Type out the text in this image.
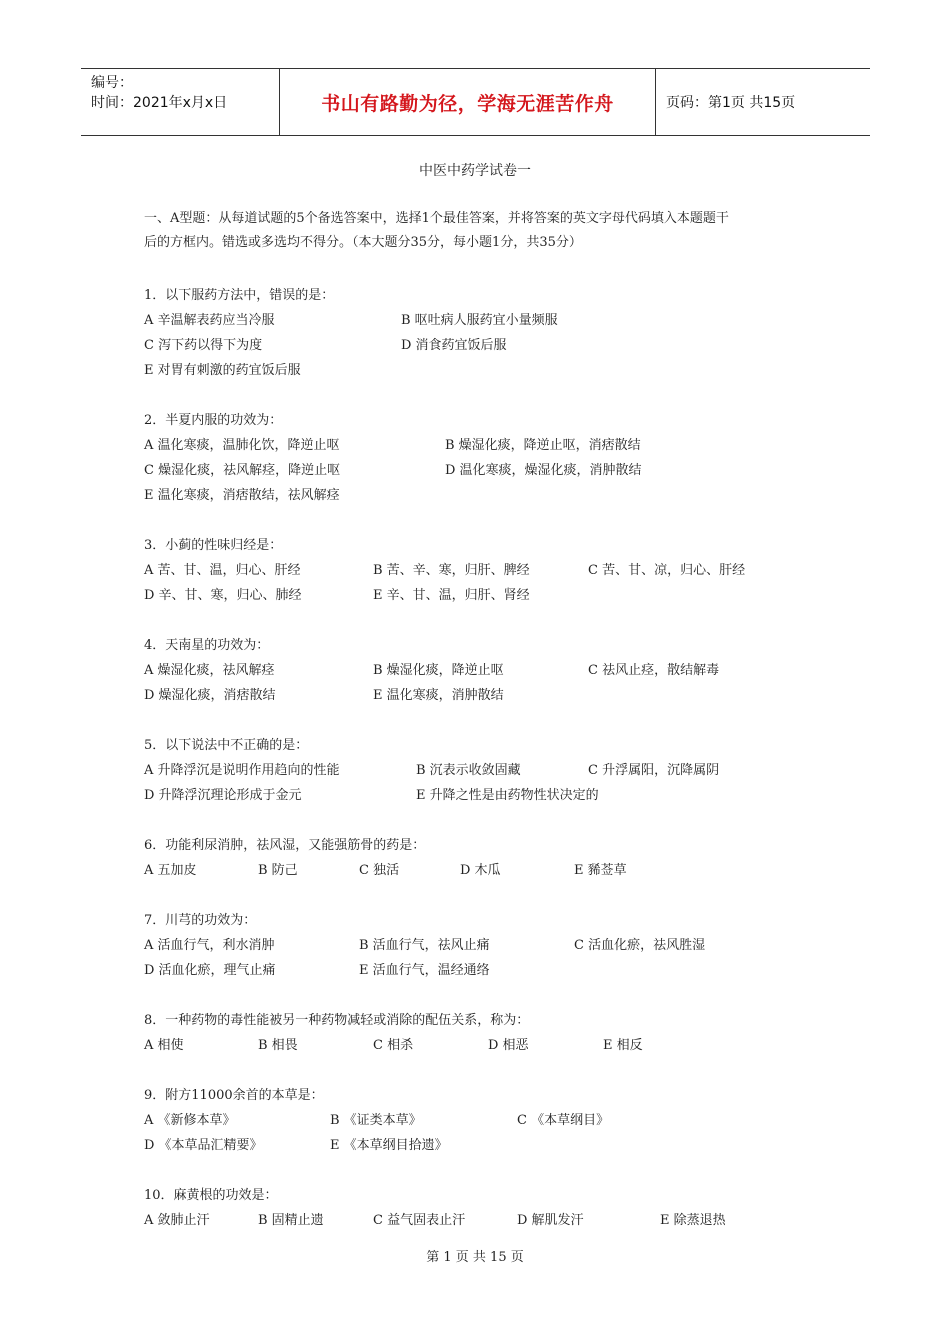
编号：
时间：2021年x月x日	书山有路勤为径，学海无涯苦作舟	页码：第1页 共15页
中医中药学试卷一
一、A型题：从每道试题的5个备选答案中，选择1个最佳答案，并将答案的英文字母代码填入本题题干
后的方框内。错选或多选均不得分。（本大题分35分，每小题1分，共35分）
1．以下服药方法中，错误的是：
A 辛温解表药应当冷服	B 呕吐病人服药宜小量频服
C 泻下药以得下为度	D 消食药宜饭后服
E 对胃有刺激的药宜饭后服
2．半夏内服的功效为：
A 温化寒痰，温肺化饮，降逆止呕	B 燥湿化痰，降逆止呕，消痞散结
C 燥湿化痰，祛风解痉，降逆止呕	D 温化寒痰，燥湿化痰，消肿散结
E 温化寒痰，消痞散结，祛风解痉
3．小蓟的性味归经是：
A 苦、甘、温，归心、肝经	B 苦、辛、寒，归肝、脾经	C 苦、甘、凉，归心、肝经
D 辛、甘、寒，归心、肺经	E 辛、甘、温，归肝、肾经
4．天南星的功效为：
A 燥湿化痰，祛风解痉	B 燥湿化痰，降逆止呕	C 祛风止痉，散结解毒
D 燥湿化痰，消痞散结	E 温化寒痰，消肿散结
5．以下说法中不正确的是：
A 升降浮沉是说明作用趋向的性能	B 沉表示收敛固藏	C 升浮属阳，沉降属阴
D 升降浮沉理论形成于金元	E 升降之性是由药物性状决定的
6．功能利尿消肿，祛风湿，又能强筋骨的药是：
A 五加皮	B 防己	C 独活	D 木瓜	E 豨莶草
7．川芎的功效为：
A 活血行气，利水消肿	B 活血行气，祛风止痛	C 活血化瘀，祛风胜湿
D 活血化瘀，理气止痛	E 活血行气，温经通络
8．一种药物的毒性能被另一种药物减轻或消除的配伍关系，称为：
A 相使	B 相畏	C 相杀	D 相恶	E 相反
9．附方11000余首的本草是：
A 《新修本草》	B 《证类本草》	C 《本草纲目》
D 《本草品汇精要》	E 《本草纲目拾遗》
10．麻黄根的功效是：
A 敛肺止汗	B 固精止遗	C 益气固表止汗	D 解肌发汗	E 除蒸退热
第 1 页 共 15 页
